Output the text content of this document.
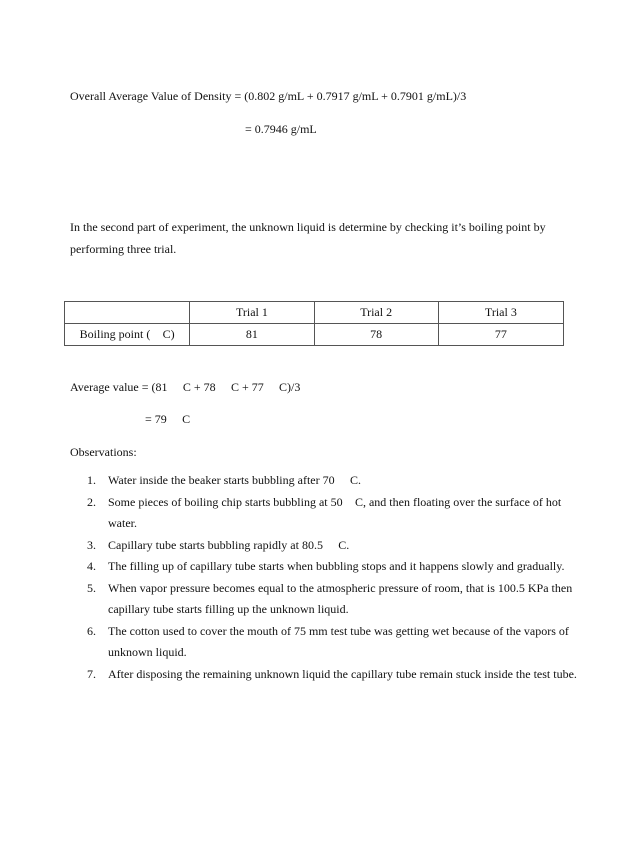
Overall Average Value of Density = (0.802 g/mL + 0.7917 g/mL + 0.7901 g/mL)/3
= 0.7946 g/mL
In the second part of experiment, the unknown liquid is determine by checking it’s boiling point by performing three trial.
	Trial 1	Trial 2	Trial 3
Boiling point ( C)	81	78	77
Average value = (81 C + 78 C + 77 C)/3
= 79 C
Observations:
1. Water inside the beaker starts bubbling after 70 C.
2. Some pieces of boiling chip starts bubbling at 50 C, and then floating over the surface of hot water.
3. Capillary tube starts bubbling rapidly at 80.5 C.
4. The filling up of capillary tube starts when bubbling stops and it happens slowly and gradually.
5. When vapor pressure becomes equal to the atmospheric pressure of room, that is 100.5 KPa then capillary tube starts filling up the unknown liquid.
6. The cotton used to cover the mouth of 75 mm test tube was getting wet because of the vapors of unknown liquid.
7. After disposing the remaining unknown liquid the capillary tube remain stuck inside the test tube.
